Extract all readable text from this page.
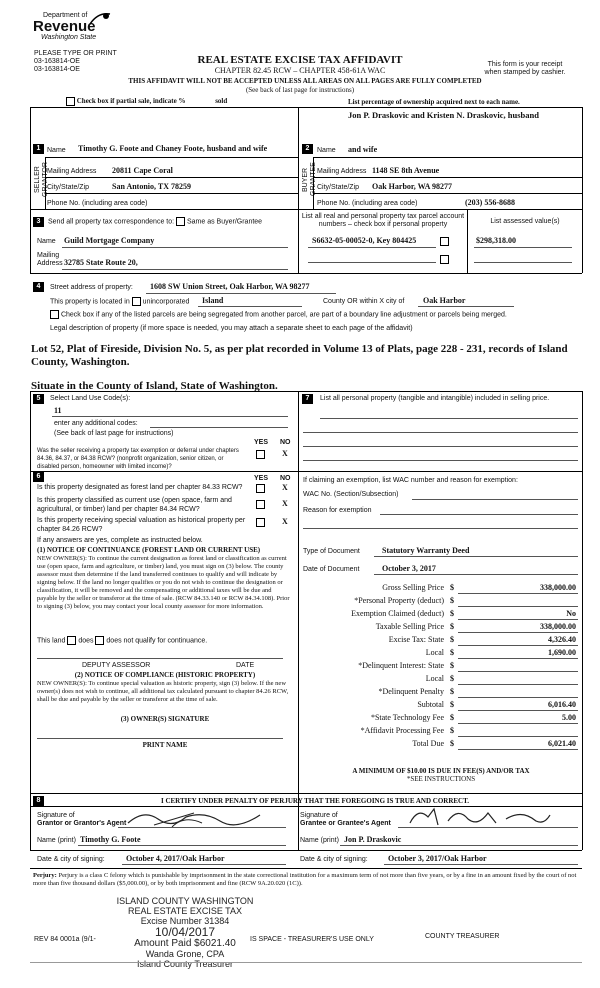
Department of
Revenue
Washington State
PLEASE TYPE OR PRINT
03-163814-OE
03-163814-OE
REAL ESTATE EXCISE TAX AFFIDAVIT
CHAPTER 82.45 RCW – CHAPTER 458-61A WAC
THIS AFFIDAVIT WILL NOT BE ACCEPTED UNLESS ALL AREAS ON ALL PAGES ARE FULLY COMPLETED
(See back of last page for instructions)
This form is your receipt
when stamped by cashier.
Check box if partial sale, indicate %	sold	List percentage of ownership acquired next to each name.
1
SELLER GRANTOR
Name Timothy G. Foote and Chaney Foote, husband and wife
Mailing Address 20811 Cape Coral
City/State/Zip	San Antonio, TX 78259
Phone No. (including area code)
2
BUYER GRANTEE
Name
Jon P. Draskovic and Kristen N. Draskovic, husband
and wife
Mailing Address 1148 SE 8th Avenue
City/State/Zip Oak Harbor, WA 98277
Phone No. (including area code)	(203) 556-8688
3	Send all property tax correspondence to: Same as Buyer/Grantee
Name Guild Mortgage Company
Mailing
Address 32785 State Route 20,
List all real and personal property tax parcel account
numbers – check box if personal property	List assessed value(s)
S6632-05-00052-0, Key 804425	$298,318.00
4	Street address of property: 1608 SW Union Street, Oak Harbor, WA 98277
This property is located in unincorporated Island	County OR within X city of Oak Harbor
Check box if any of the listed parcels are being segregated from another parcel, are part of a boundary line adjustment or parcels being merged.
Legal description of property (if more space is needed, you may attach a separate sheet to each page of the affidavit)
Lot 52, Plat of Fireside, Division No. 5, as per plat recorded in Volume 13 of Plats, page 228 - 231, records of Island County, Washington.
Situate in the County of Island, State of Washington.
5	Select Land Use Code(s):
11
enter any additional codes:
(See back of last page for instructions)
YES NO
Was the seller receiving a property tax exemption or deferral under chapters 84.36, 84.37, or 84.38 RCW? (nonprofit organization, senior citizen, or disabled person, homeowner with limited income)?
X
6	YES NO
Is this property designated as forest land per chapter 84.33 RCW?	X
Is this property classified as current use (open space, farm and agricultural, or timber) land per chapter 84.34 RCW?
X
Is this property receiving special valuation as historical property per chapter 84.26 RCW?
X
If any answers are yes, complete as instructed below.
(1) NOTICE OF CONTINUANCE (FOREST LAND OR CURRENT USE)
NEW OWNER(S): To continue the current designation as forest land or classification as current use (open space, farm and agriculture, or timber) land, you must sign on (3) below. The county assessor must then determine if the land transferred continues to qualify and will indicate by signing below. If the land no longer qualifies or you do not wish to continue the designation or classification, it will be removed and the compensating or additional taxes will be due and payable by the seller or transferor at the time of sale. (RCW 84.33.140 or RCW 84.34.108). Prior to signing (3) below, you may contact your local county assessor for more information.
This land does does not qualify for continuance.
DEPUTY ASSESSOR	DATE
(2) NOTICE OF COMPLIANCE (HISTORIC PROPERTY)
NEW OWNER(S): To continue special valuation as historic property, sign (3) below. If the new owner(s) does not wish to continue, all additional tax calculated pursuant to chapter 84.26 RCW, shall be due and payable by the seller or transferor at the time of sale.
(3) OWNER(S) SIGNATURE
PRINT NAME
7	List all personal property (tangible and intangible) included in selling price.
If claiming an exemption, list WAC number and reason for exemption:
WAC No. (Section/Subsection)
Reason for exemption
Type of Document	Statutory Warranty Deed
Date of Document	October 3, 2017
Gross Selling Price $	338,000.00
*Personal Property (deduct) $
Exemption Claimed (deduct) $	No
Taxable Selling Price $	338,000.00
Excise Tax: State $	4,326.40
Local $	1,690.00
*Delinquent Interest: State $
Local $
*Delinquent Penalty $
Subtotal $	6,016.40
*State Technology Fee $	5.00
*Affidavit Processing Fee $
Total Due $	6,021.40
A MINIMUM OF $10.00 IS DUE IN FEE(S) AND/OR TAX
*SEE INSTRUCTIONS
8	I CERTIFY UNDER PENALTY OF PERJURY THAT THE FOREGOING IS TRUE AND CORRECT.
Signature of
Grantor or Grantor's Agent
Name (print) Timothy G. Foote
Signature of
Grantee or Grantee's Agent
Name (print) Jon P. Draskovic
Date & city of signing:	October 4, 2017/Oak Harbor	Date & city of signing:	October 3, 2017/Oak Harbor
Perjury: Perjury is a class C felony which is punishable by imprisonment in the state correctional institution for a maximum term of not more than five years, or by a fine in an amount fixed by the court of not more than five thousand dollars ($5,000.00), or by both imprisonment and fine (RCW 9A.20.020 (1C)).
ISLAND COUNTY WASHINGTON
REAL ESTATE EXCISE TAX
Excise Number 31384
10/04/2017
Amount Paid $6021.40
Wanda Grone, CPA
Island County Treasurer
REV 84 0001a (9/1-	IS SPACE - TREASURER'S USE ONLY	COUNTY TREASURER
